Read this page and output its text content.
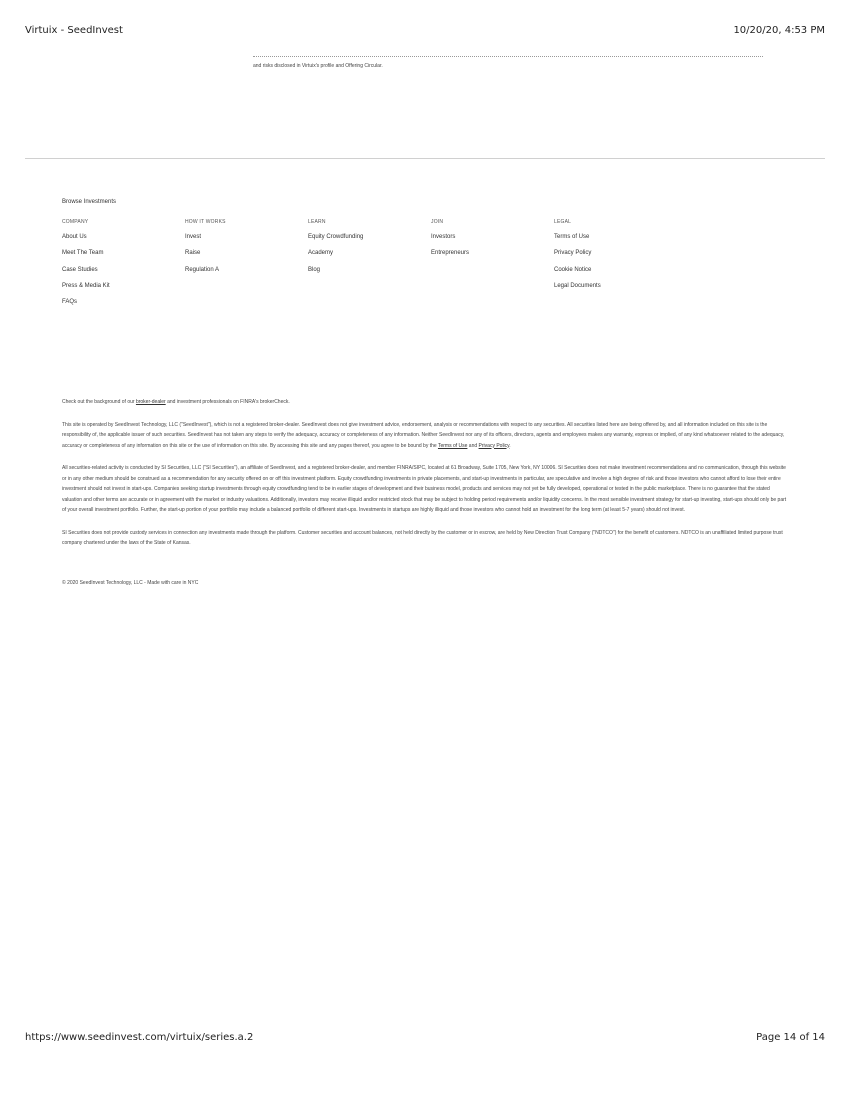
Virtuix - SeedInvest	10/20/20, 4:53 PM
and risks disclosed in Virtuix's profile and Offering Circular.
Browse Investments
COMPANY
About Us
Meet The Team
Case Studies
Press & Media Kit
FAQs
HOW IT WORKS
Invest
Raise
Regulation A
LEARN
Equity Crowdfunding
Academy
Blog
JOIN
Investors
Entrepreneurs
LEGAL
Terms of Use
Privacy Policy
Cookie Notice
Legal Documents

Check out the background of our broker-dealer and investment professionals on FINRA's brokerCheck.

This site is operated by SeedInvest Technology, LLC ("SeedInvest"), which is not a registered broker-dealer. SeedInvest does not give investment advice, endorsement, analysis or recommendations with respect to any securities. All securities listed here are being offered by, and all information included on this site is the responsibility of, the applicable issuer of such securities. SeedInvest has not taken any steps to verify the adequacy, accuracy or completeness of any information. Neither SeedInvest nor any of its officers, directors, agents and employees makes any warranty, express or implied, of any kind whatsoever related to the adequacy, accuracy or completeness of any information on this site or the use of information on this site. By accessing this site and any pages thereof, you agree to be bound by the Terms of Use and Privacy Policy.

All securities-related activity is conducted by SI Securities, LLC ("SI Securities"), an affiliate of SeedInvest, and a registered broker-dealer, and member FINRA/SIPC, located at 61 Broadway, Suite 1705, New York, NY 10006. SI Securities does not make investment recommendations and no communication, through this website or in any other medium should be construed as a recommendation for any security offered on or off this investment platform. Equity crowdfunding investments in private placements, and start-up investments in particular, are speculative and involve a high degree of risk and those investors who cannot afford to lose their entire investment should not invest in start-ups. Companies seeking startup investments through equity crowdfunding tend to be in earlier stages of development and their business model, products and services may not yet be fully developed, operational or tested in the public marketplace. There is no guarantee that the stated valuation and other terms are accurate or in agreement with the market or industry valuations. Additionally, investors may receive illiquid and/or restricted stock that may be subject to holding period requirements and/or liquidity concerns. In the most sensible investment strategy for start-up investing, start-ups should only be part of your overall investment portfolio. Further, the start-up portion of your portfolio may include a balanced portfolio of different start-ups. Investments in startups are highly illiquid and those investors who cannot hold an investment for the long term (at least 5-7 years) should not invest.

SI Securities does not provide custody services in connection any investments made through the platform. Customer securities and account balances, not held directly by the customer or in escrow, are held by New Direction Trust Company ("NDTCO") for the benefit of customers. NDTCO is an unaffiliated limited purpose trust company chartered under the laws of the State of Kansas.

© 2020 SeedInvest Technology, LLC - Made with care in NYC
https://www.seedinvest.com/virtuix/series.a.2	Page 14 of 14
